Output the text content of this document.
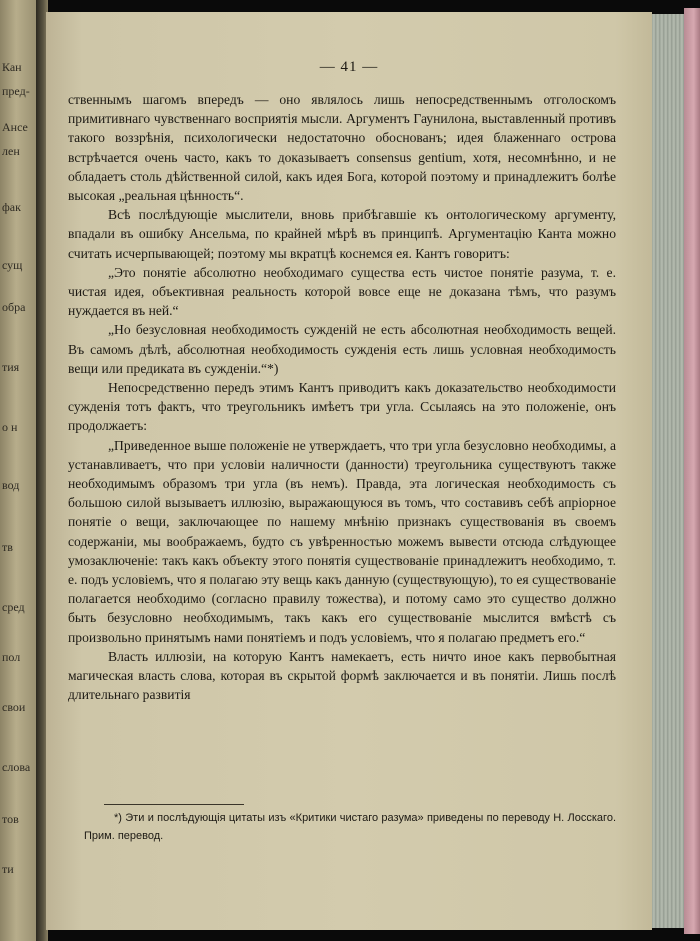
Кан
пред-
Ансе
лен
фак
сущ
обра
тия
о н
вод
тв
сред
пол
свои
слова
тов
ти
— 41 —

ственнымъ шагомъ впередъ — оно являлось лишь непосредственнымъ отголоскомъ примитивнаго чувственнаго восприятія мысли. Аргументъ Гаунилона, выставленный противъ такого воззрѣнія, психологически недостаточно обоснованъ; идея блаженнаго острова встрѣчается очень часто, какъ то доказываетъ consensus gentium, хотя, несомнѣнно, и не обладаетъ столь дѣйственной силой, какъ идея Бога, которой поэтому и принадлежитъ болѣе высокая „реальная цѣнность“.

Всѣ послѣдующіе мыслители, вновь прибѣгавшіе къ онтологическому аргументу, впадали въ ошибку Ансельма, по крайней мѣрѣ въ принципѣ. Аргументацію Канта можно считать исчерпывающей; поэтому мы вкратцѣ коснемся ея. Кантъ говоритъ:

„Это понятіе абсолютно необходимаго существа есть чистое понятіе разума, т. е. чистая идея, объективная реальность которой вовсе еще не доказана тѣмъ, что разумъ нуждается въ ней.“

„Но безусловная необходимость сужденій не есть абсолютная необходимость вещей. Въ самомъ дѣлѣ, абсолютная необходимость сужденія есть лишь условная необходимость вещи или предиката въ сужденіи.“*)

Непосредственно передъ этимъ Кантъ приводитъ какъ доказательство необходимости сужденія тотъ фактъ, что треугольникъ имѣетъ три угла. Ссылаясь на это положеніе, онъ продолжаетъ:

„Приведенное выше положеніе не утверждаетъ, что три угла безусловно необходимы, а устанавливаетъ, что при условіи наличности (данности) треугольника существуютъ также необходимымъ образомъ три угла (въ немъ). Правда, эта логическая необходимость съ большою силой вызываетъ иллюзію, выражающуюся въ томъ, что составивъ себѣ апріорное понятіе о вещи, заключающее по нашему мнѣнію признакъ существованія въ своемъ содержаніи, мы воображаемъ, будто съ увѣренностью можемъ вывести отсюда слѣдующее умозаключеніе: такъ какъ объекту этого понятія существованіе принадлежитъ необходимо, т. е. подъ условіемъ, что я полагаю эту вещь какъ данную (существующую), то ея существованіе полагается необходимо (согласно правилу тожества), и потому само это существо должно быть безусловно необходимымъ, такъ какъ его существованіе мыслится вмѣстѣ съ произвольно принятымъ нами понятіемъ и подъ условіемъ, что я полагаю предметъ его.“

Власть иллюзіи, на которую Кантъ намекаетъ, есть ничто иное какъ первобытная магическая власть слова, которая въ скрытой формѣ заключается и въ понятіи. Лишь послѣ длительнаго развитія

*) Эти и послѣдующія цитаты изъ «Критики чистаго разума» приведены по переводу Н. Лосскаго. Прим. перевод.
